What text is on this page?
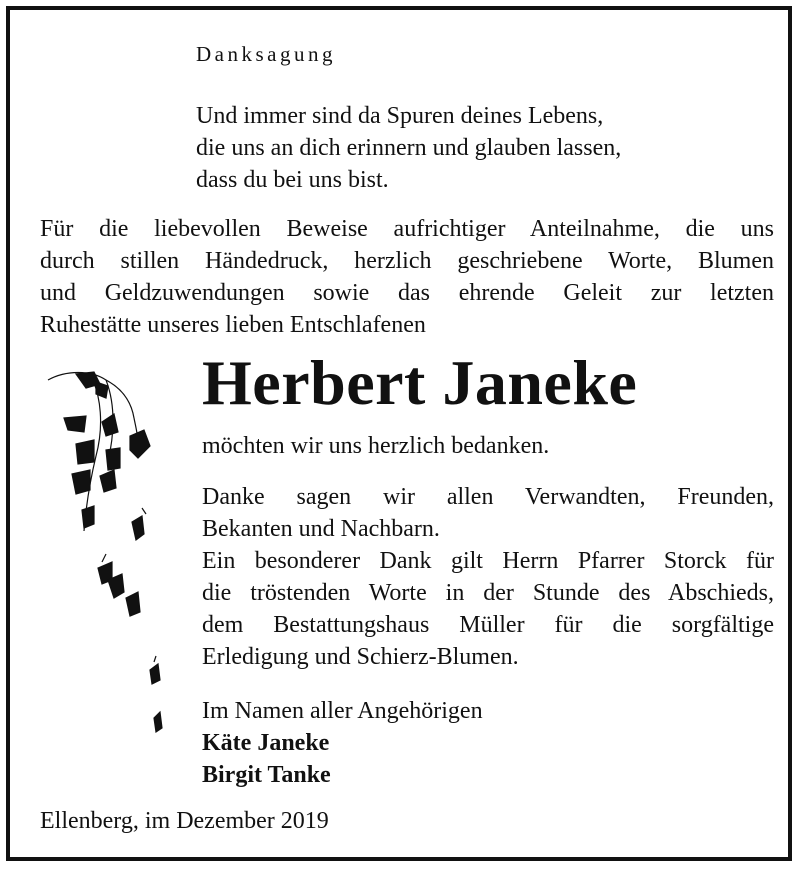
Danksagung
Und immer sind da Spuren deines Lebens,
die uns an dich erinnern und glauben lassen,
dass du bei uns bist.
Für die liebevollen Beweise aufrichtiger Anteilnahme, die uns
durch stillen Händedruck, herzlich geschriebene Worte, Blumen
und Geldzuwendungen sowie das ehrende Geleit zur letzten
Ruhestätte unseres lieben Entschlafenen
Herbert Janeke
möchten wir uns herzlich bedanken.
Danke sagen wir allen Verwandten, Freunden,
Bekanten und Nachbarn.
Ein besonderer Dank gilt Herrn Pfarrer Storck für
die tröstenden Worte in der Stunde des Abschieds,
dem Bestattungshaus Müller für die sorgfältige
Erledigung und Schierz-Blumen.
Im Namen aller Angehörigen
Käte Janeke
Birgit Tanke
Ellenberg, im Dezember 2019
